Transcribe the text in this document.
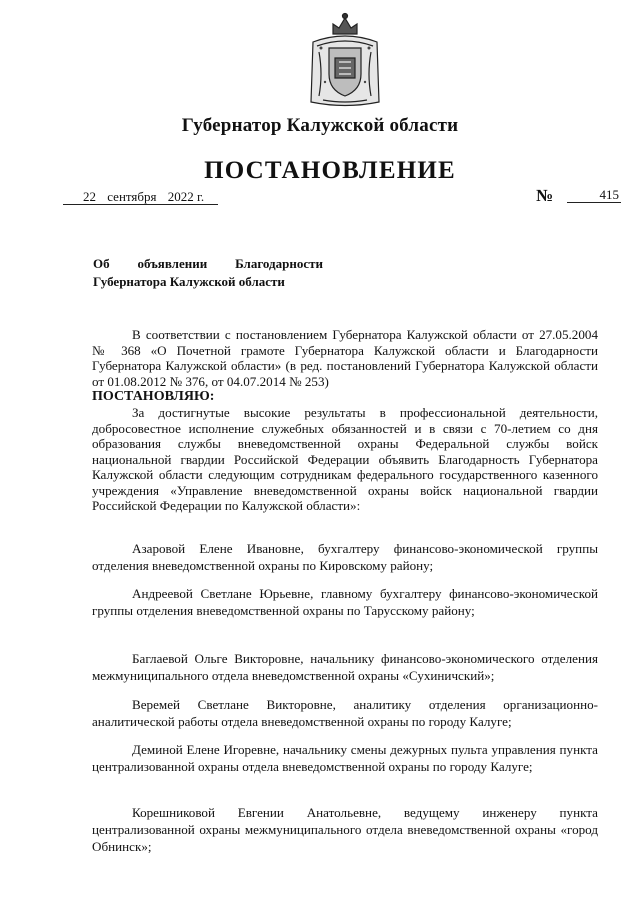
Губернатор Калужской области
ПОСТАНОВЛЕНИЕ
22 сентября 2022 г.	№	415
Об объявлении Благодарности
Губернатора Калужской области
В соответствии с постановлением Губернатора Калужской области от 27.05.2004 № 368 «О Почетной грамоте Губернатора Калужской области и Благодарности Губернатора Калужской области» (в ред. постановлений Губернатора Калужской области от 01.08.2012 № 376, от 04.07.2014 № 253)
ПОСТАНОВЛЯЮ:
За достигнутые высокие результаты в профессиональной деятельности, добросовестное исполнение служебных обязанностей и в связи с 70-летием со дня образования службы вневедомственной охраны Федеральной службы войск национальной гвардии Российской Федерации объявить Благодарность Губернатора Калужской области следующим сотрудникам федерального государственного казенного учреждения «Управление вневедомственной охраны войск национальной гвардии Российской Федерации по Калужской области»:
Азаровой Елене Ивановне, бухгалтеру финансово-экономической группы отделения вневедомственной охраны по Кировскому району;
Андреевой Светлане Юрьевне, главному бухгалтеру финансово-экономической группы отделения вневедомственной охраны по Тарусскому району;
Баглаевой Ольге Викторовне, начальнику финансово-экономического отделения межмуниципального отдела вневедомственной охраны «Сухиничский»;
Веремей Светлане Викторовне, аналитику отделения организационно-аналитической работы отдела вневедомственной охраны по городу Калуге;
Деминой Елене Игоревне, начальнику смены дежурных пульта управления пункта централизованной охраны отдела вневедомственной охраны по городу Калуге;
Корешниковой Евгении Анатольевне, ведущему инженеру пункта централизованной охраны межмуниципального отдела вневедомственной охраны «город Обнинск»;
